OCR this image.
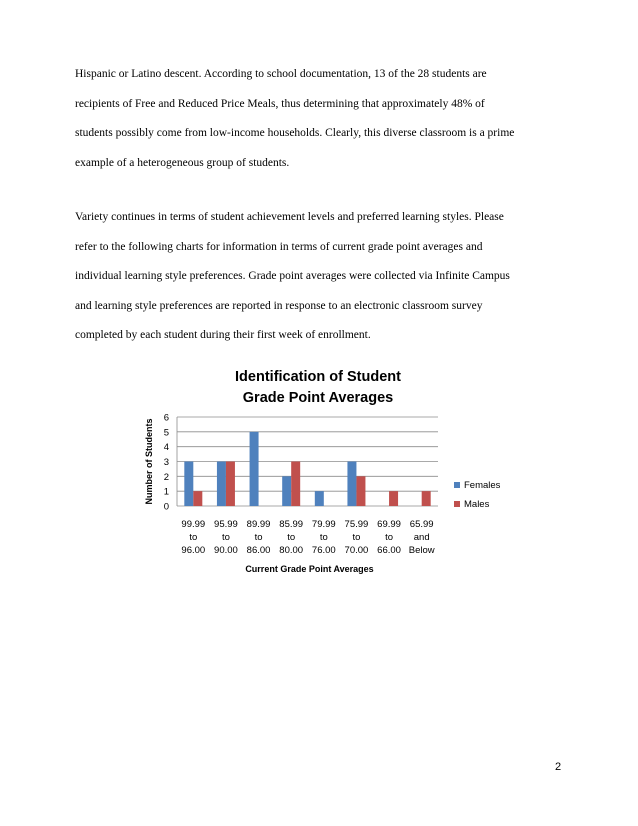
Hispanic or Latino descent. According to school documentation, 13 of the 28 students are
recipients of Free and Reduced Price Meals, thus determining that approximately 48% of
students possibly come from low-income households. Clearly, this diverse classroom is a prime
example of a heterogeneous group of students.
Variety continues in terms of student achievement levels and preferred learning styles. Please
refer to the following charts for information in terms of current grade point averages and
individual learning style preferences. Grade point averages were collected via Infinite Campus
and learning style preferences are reported in response to an electronic classroom survey
completed by each student during their first week of enrollment.
Identification of Student
Grade Point Averages
0
1
2
3
4
5
6
Number of Students
99.99
to
96.00
95.99
to
90.00
89.99
to
86.00
85.99
to
80.00
79.99
to
76.00
75.99
to
70.00
69.99
to
66.00
65.99
and
Below
Current Grade Point Averages
Females
Males
2
